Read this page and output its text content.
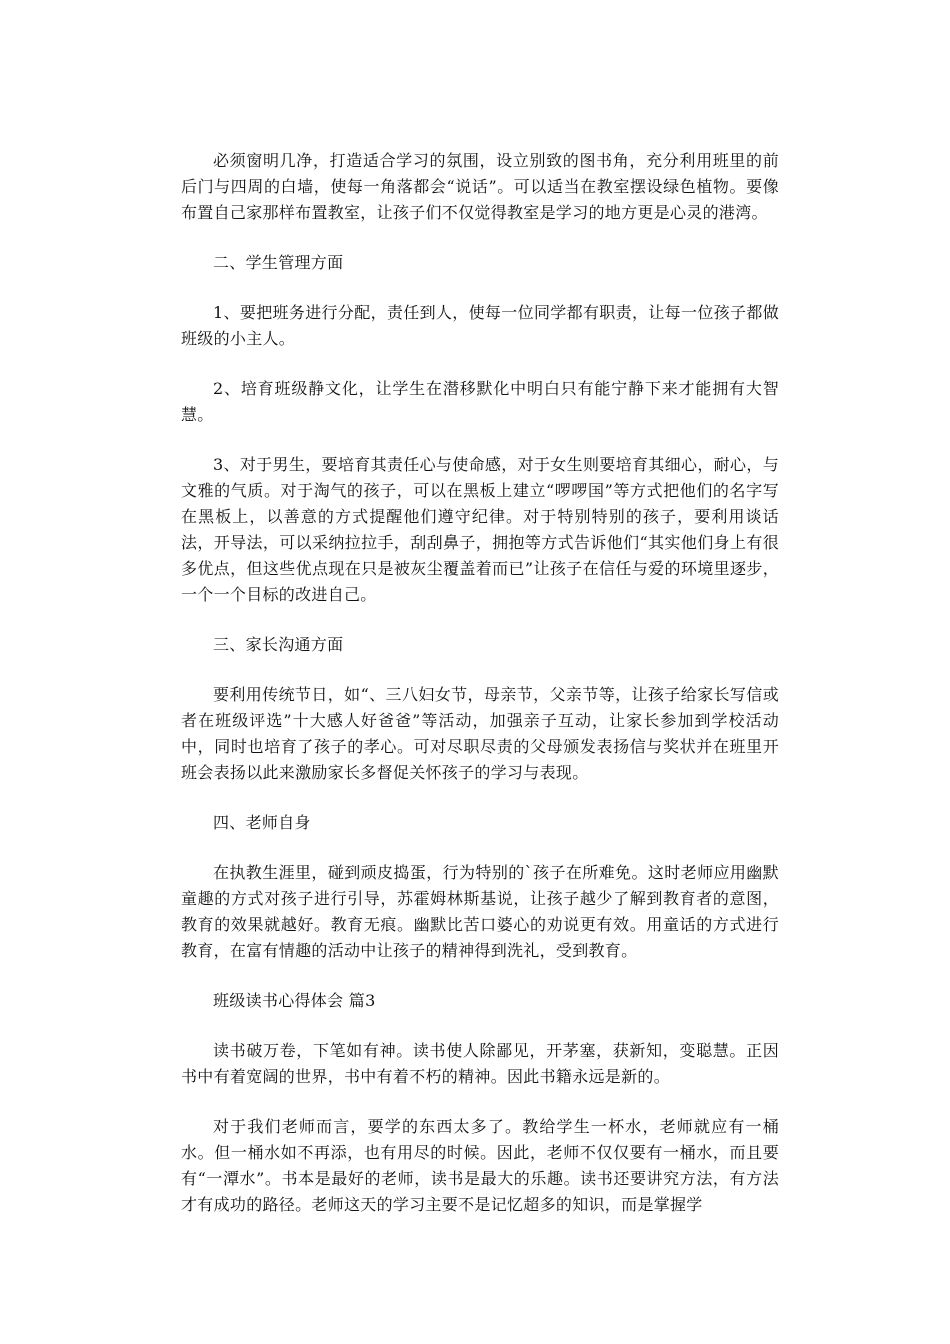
必须窗明几净，打造适合学习的氛围，设立别致的图书角，充分利用班里的前后门与四周的白墙，使每一角落都会“说话”。可以适当在教室摆设绿色植物。要像布置自己家那样布置教室，让孩子们不仅觉得教室是学习的地方更是心灵的港湾。

二、学生管理方面

1、要把班务进行分配，责任到人，使每一位同学都有职责，让每一位孩子都做班级的小主人。

2、培育班级静文化，让学生在潜移默化中明白只有能宁静下来才能拥有大智慧。

3、对于男生，要培育其责任心与使命感，对于女生则要培育其细心，耐心，与文雅的气质。对于淘气的孩子，可以在黑板上建立“啰啰国”等方式把他们的名字写在黑板上，以善意的方式提醒他们遵守纪律。对于特别特别的孩子，要利用谈话法，开导法，可以采纳拉拉手，刮刮鼻子，拥抱等方式告诉他们“其实他们身上有很多优点，但这些优点现在只是被灰尘覆盖着而已”让孩子在信任与爱的环境里逐步，一个一个目标的改进自己。

三、家长沟通方面

要利用传统节日，如“、三八妇女节，母亲节，父亲节等，让孩子给家长写信或者在班级评选”十大感人好爸爸”等活动，加强亲子互动，让家长参加到学校活动中，同时也培育了孩子的孝心。可对尽职尽责的父母颁发表扬信与奖状并在班里开班会表扬以此来激励家长多督促关怀孩子的学习与表现。

四、老师自身

在执教生涯里，碰到顽皮捣蛋，行为特别的`孩子在所难免。这时老师应用幽默童趣的方式对孩子进行引导，苏霍姆林斯基说，让孩子越少了解到教育者的意图，教育的效果就越好。教育无痕。幽默比苦口婆心的劝说更有效。用童话的方式进行教育，在富有情趣的活动中让孩子的精神得到洗礼，受到教育。

班级读书心得体会 篇3

读书破万卷，下笔如有神。读书使人除鄙见，开茅塞，获新知，变聪慧。正因书中有着宽阔的世界，书中有着不朽的精神。因此书籍永远是新的。

对于我们老师而言，要学的东西太多了。教给学生一杯水，老师就应有一桶水。但一桶水如不再添，也有用尽的时候。因此，老师不仅仅要有一桶水，而且要有“一潭水”。书本是最好的老师，读书是最大的乐趣。读书还要讲究方法，有方法才有成功的路径。老师这天的学习主要不是记忆超多的知识，而是掌握学
